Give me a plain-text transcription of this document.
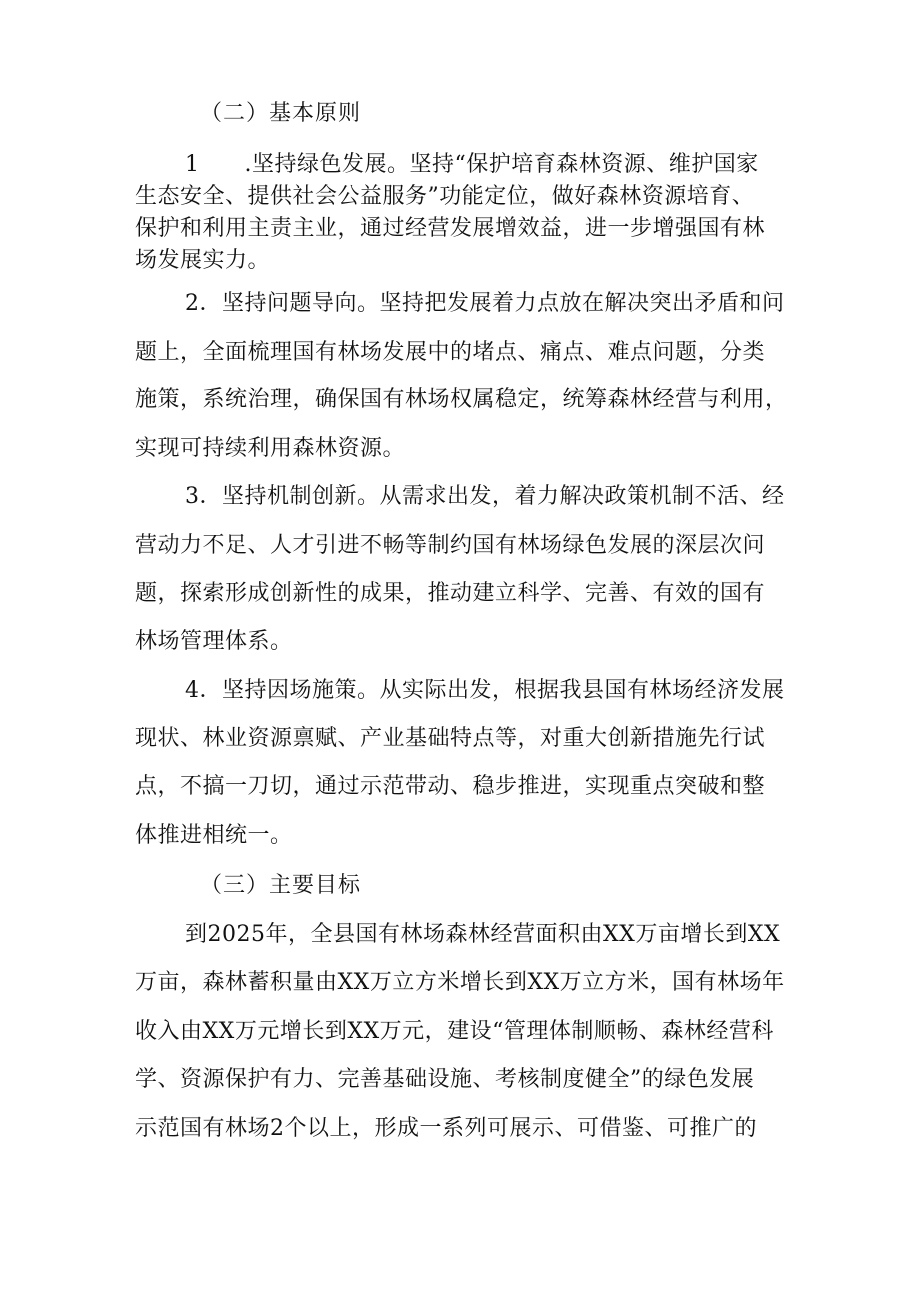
（二）基本原则
1　　.坚持绿色发展。坚持“保护培育森林资源、维护国家
生态安全、提供社会公益服务”功能定位，做好森林资源培育、
保护和利用主责主业，通过经营发展增效益，进一步增强国有林
场发展实力。
2．坚持问题导向。坚持把发展着力点放在解决突出矛盾和问
题上，全面梳理国有林场发展中的堵点、痛点、难点问题，分类
施策，系统治理，确保国有林场权属稳定，统筹森林经营与利用，
实现可持续利用森林资源。
3．坚持机制创新。从需求出发，着力解决政策机制不活、经
营动力不足、人才引进不畅等制约国有林场绿色发展的深层次问
题，探索形成创新性的成果，推动建立科学、完善、有效的国有
林场管理体系。
4．坚持因场施策。从实际出发，根据我县国有林场经济发展
现状、林业资源禀赋、产业基础特点等，对重大创新措施先行试
点，不搞一刀切，通过示范带动、稳步推进，实现重点突破和整
体推进相统一。
（三）主要目标
到2025年，全县国有林场森林经营面积由XX万亩增长到XX
万亩，森林蓄积量由XX万立方米增长到XX万立方米，国有林场年
收入由XX万元增长到XX万元，建设“管理体制顺畅、森林经营科
学、资源保护有力、完善基础设施、考核制度健全”的绿色发展
示范国有林场2个以上，形成一系列可展示、可借鉴、可推广的
